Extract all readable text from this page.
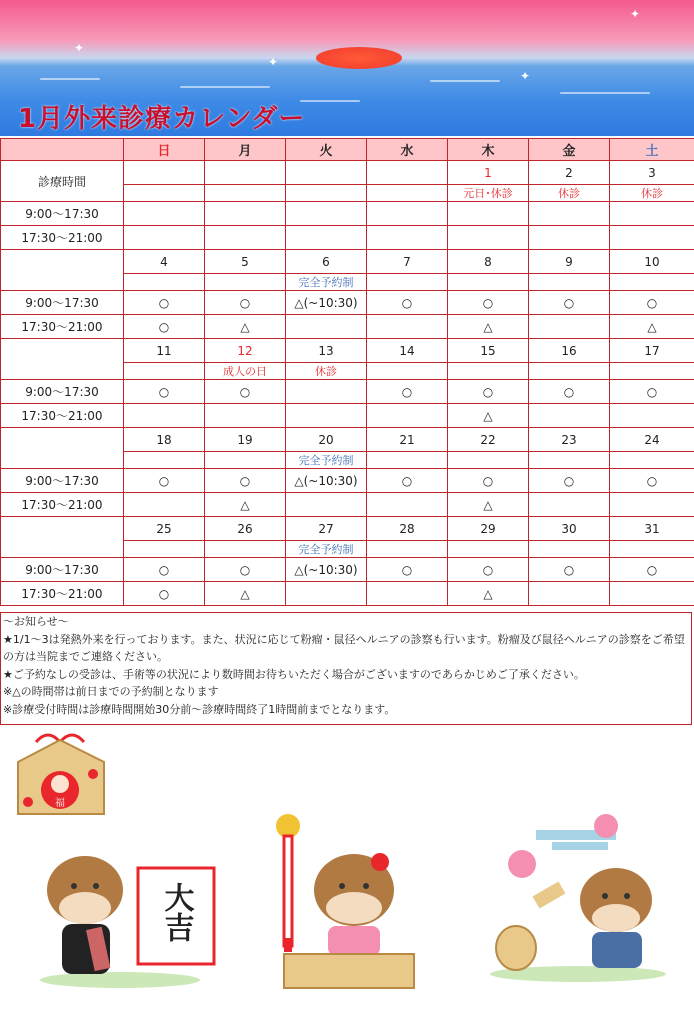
✦
✦
✦
✦
1月外来診療カレンダー
	日	月	火	水	木	金	土
診療時間					1	2	3
					元日･休診	休診	休診
9:00～17:30							
17:30～21:00							
	4	5	6	7	8	9	10
			完全予約制				
9:00～17:30	○	○	△(~10:30)	○	○	○	○
17:30～21:00	○	△			△		△
	11	12	13	14	15	16	17
		成人の日	休診				
9:00～17:30	○	○		○	○	○	○
17:30～21:00					△		
	18	19	20	21	22	23	24
			完全予約制				
9:00～17:30	○	○	△(~10:30)	○	○	○	○
17:30～21:00		△			△		
	25	26	27	28	29	30	31
			完全予約制				
9:00～17:30	○	○	△(~10:30)	○	○	○	○
17:30～21:00	○	△			△		
～お知らせ～
★1/1～3は発熱外来を行っております。また、状況に応じて粉瘤・鼠径ヘルニアの診察も行います。粉瘤及び鼠径ヘルニアの診察をご希望の方は当院までご連絡ください。
★ご予約なしの受診は、手術等の状況により数時間お待ちいただく場合がございますのであらかじめご了承ください。
※△の時間帯は前日までの予約制となります
※診療受付時間は診療時間開始30分前～診療時間終了1時間前までとなります。
福
大吉
